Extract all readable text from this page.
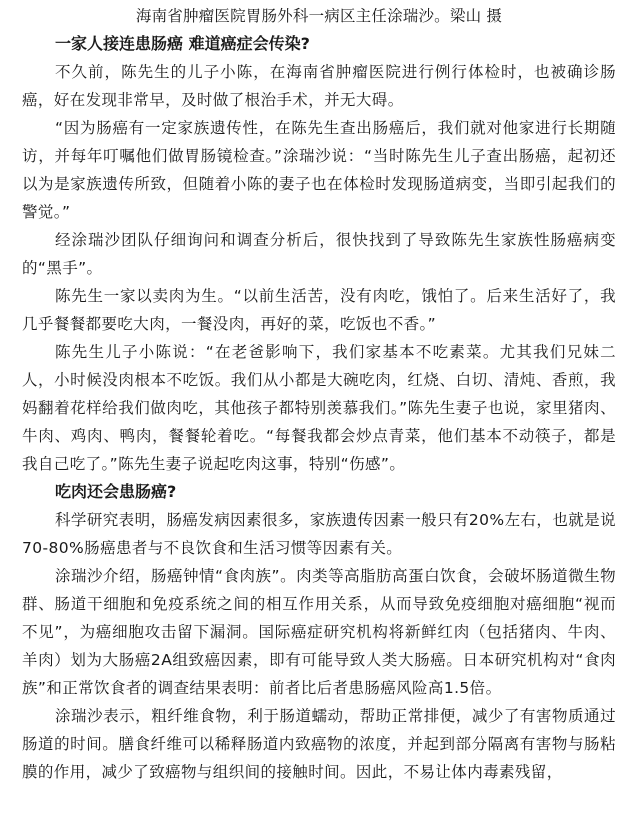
海南省肿瘤医院胃肠外科一病区主任涂瑞沙。梁山 摄

一家人接连患肠癌 难道癌症会传染?

不久前，陈先生的儿子小陈，在海南省肿瘤医院进行例行体检时，也被确诊肠癌，好在发现非常早，及时做了根治手术，并无大碍。

“因为肠癌有一定家族遗传性，在陈先生查出肠癌后，我们就对他家进行长期随访，并每年叮嘱他们做胃肠镜检查。”涂瑞沙说：“当时陈先生儿子查出肠癌，起初还以为是家族遗传所致，但随着小陈的妻子也在体检时发现肠道病变，当即引起我们的警觉。”

经涂瑞沙团队仔细询问和调查分析后，很快找到了导致陈先生家族性肠癌病变的“黑手”。

陈先生一家以卖肉为生。“以前生活苦，没有肉吃，饿怕了。后来生活好了，我几乎餐餐都要吃大肉，一餐没肉，再好的菜，吃饭也不香。”

陈先生儿子小陈说：“在老爸影响下，我们家基本不吃素菜。尤其我们兄妹二人，小时候没肉根本不吃饭。我们从小都是大碗吃肉，红烧、白切、清炖、香煎，我妈翻着花样给我们做肉吃，其他孩子都特别羡慕我们。”陈先生妻子也说，家里猪肉、牛肉、鸡肉、鸭肉，餐餐轮着吃。“每餐我都会炒点青菜，他们基本不动筷子，都是我自己吃了。”陈先生妻子说起吃肉这事，特别“伤感”。

吃肉还会患肠癌?

科学研究表明，肠癌发病因素很多，家族遗传因素一般只有20%左右，也就是说70-80%肠癌患者与不良饮食和生活习惯等因素有关。

涂瑞沙介绍，肠癌钟情“食肉族”。肉类等高脂肪高蛋白饮食，会破坏肠道微生物群、肠道干细胞和免疫系统之间的相互作用关系，从而导致免疫细胞对癌细胞“视而不见”，为癌细胞攻击留下漏洞。国际癌症研究机构将新鲜红肉（包括猪肉、牛肉、羊肉）划为大肠癌2A组致癌因素，即有可能导致人类大肠癌。日本研究机构对“食肉族”和正常饮食者的调查结果表明：前者比后者患肠癌风险高1.5倍。

涂瑞沙表示，粗纤维食物，利于肠道蠕动，帮助正常排便，减少了有害物质通过肠道的时间。膳食纤维可以稀释肠道内致癌物的浓度，并起到部分隔离有害物与肠粘膜的作用，减少了致癌物与组织间的接触时间。因此，不易让体内毒素残留，
